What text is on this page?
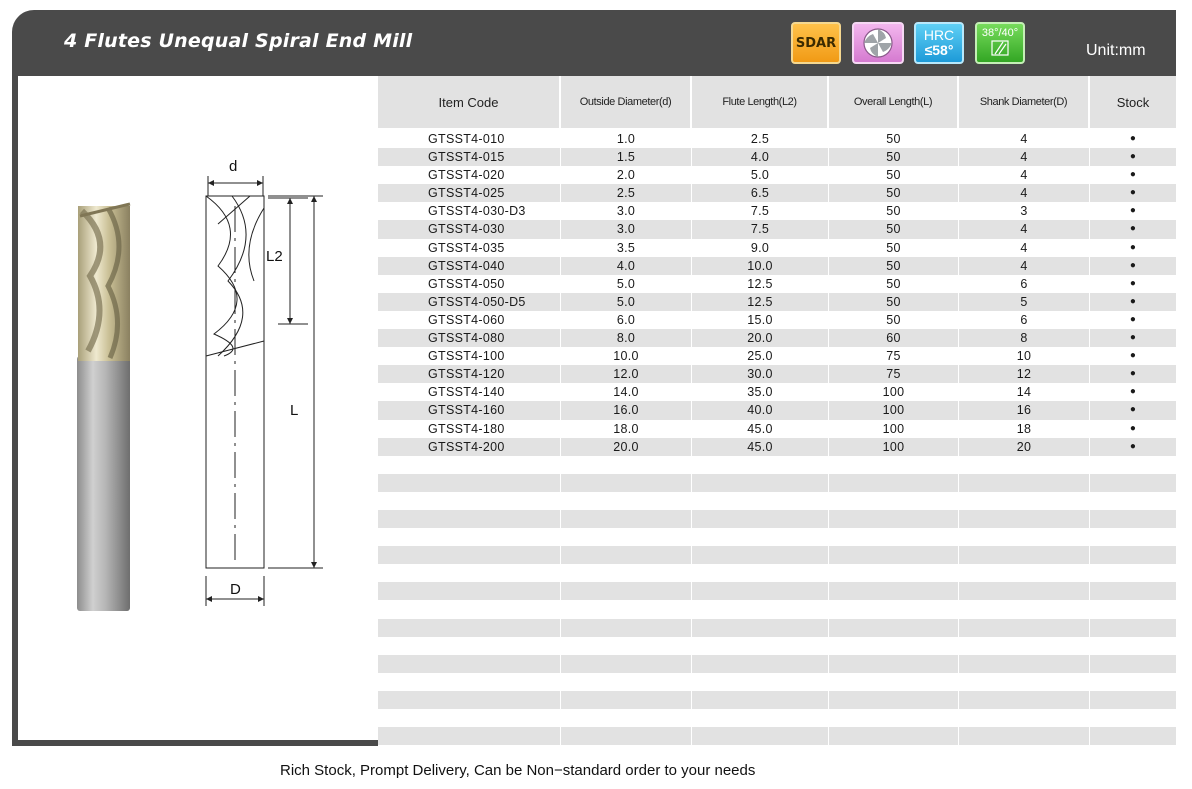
4 Flutes Unequal Spiral End Mill	SDAR	HRC
≤58°
38°/40°
Unit:mm
d
L2
L
D
Item Code	Outside Diameter(d)	Flute Length(L2)	Overall Length(L)	Shank Diameter(D)	Stock
GTSST4-010	1.0	2.5	50	4	●
GTSST4-015	1.5	4.0	50	4	●
GTSST4-020	2.0	5.0	50	4	●
GTSST4-025	2.5	6.5	50	4	●
GTSST4-030-D3	3.0	7.5	50	3	●
GTSST4-030	3.0	7.5	50	4	●
GTSST4-035	3.5	9.0	50	4	●
GTSST4-040	4.0	10.0	50	4	●
GTSST4-050	5.0	12.5	50	6	●
GTSST4-050-D5	5.0	12.5	50	5	●
GTSST4-060	6.0	15.0	50	6	●
GTSST4-080	8.0	20.0	60	8	●
GTSST4-100	10.0	25.0	75	10	●
GTSST4-120	12.0	30.0	75	12	●
GTSST4-140	14.0	35.0	100	14	●
GTSST4-160	16.0	40.0	100	16	●
GTSST4-180	18.0	45.0	100	18	●
GTSST4-200	20.0	45.0	100	20	●
Rich Stock, Prompt Delivery, Can be Non−standard order to your needs
